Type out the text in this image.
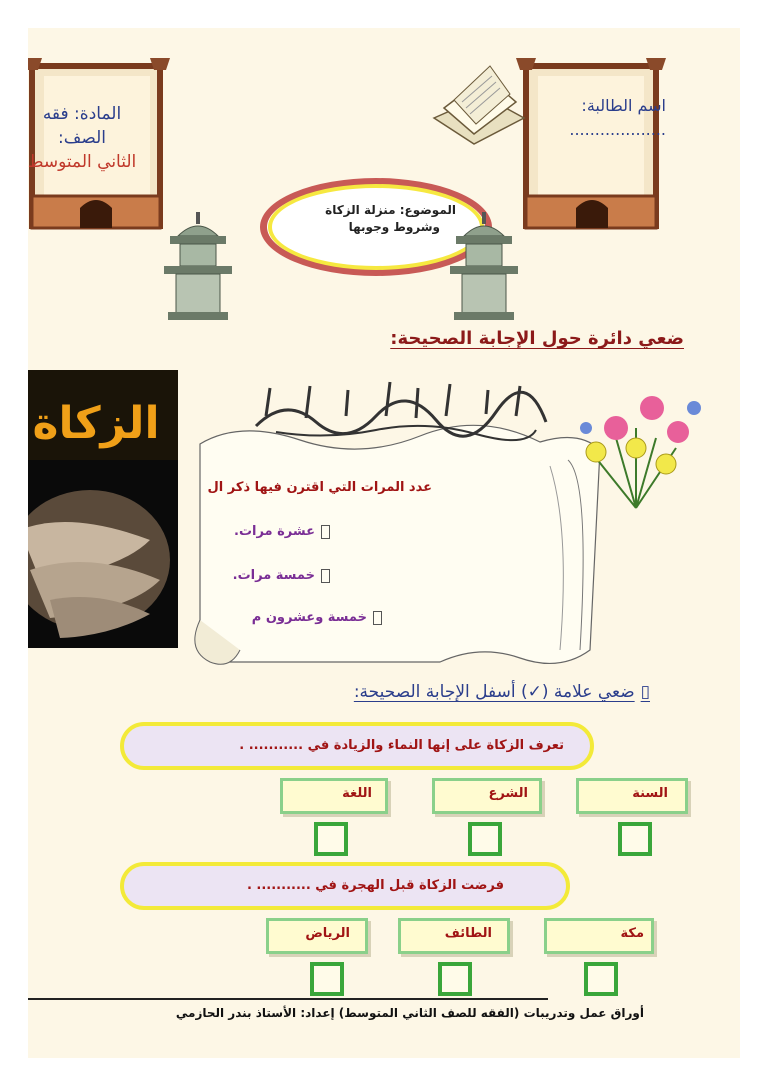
المادة: فقه
الصف:
الثاني المتوسط
اسم الطالبة:
...................
الموضوع: منزلة الزكاة
وشروط وجوبها
ضعي دائرة حول الإجابة الصحيحة:
الزكاة
عدد المرات التي اقترن فيها ذكر ال
عشرة مرات.
خمسة مرات.
خمسة وعشرون م
▯ضعي علامة (✓) أسفل الإجابة الصحيحة:
تعرف الزكاة على إنها النماء والزيادة في ........... .
السنة
الشرع
اللغة
فرضت الزكاة قبل الهجرة في ........... .
مكة
الطائف
الرياض
أوراق عمل وتدريبات (الفقه للصف الثاني المتوسط) إعداد: الأستاذ بندر الحازمي
